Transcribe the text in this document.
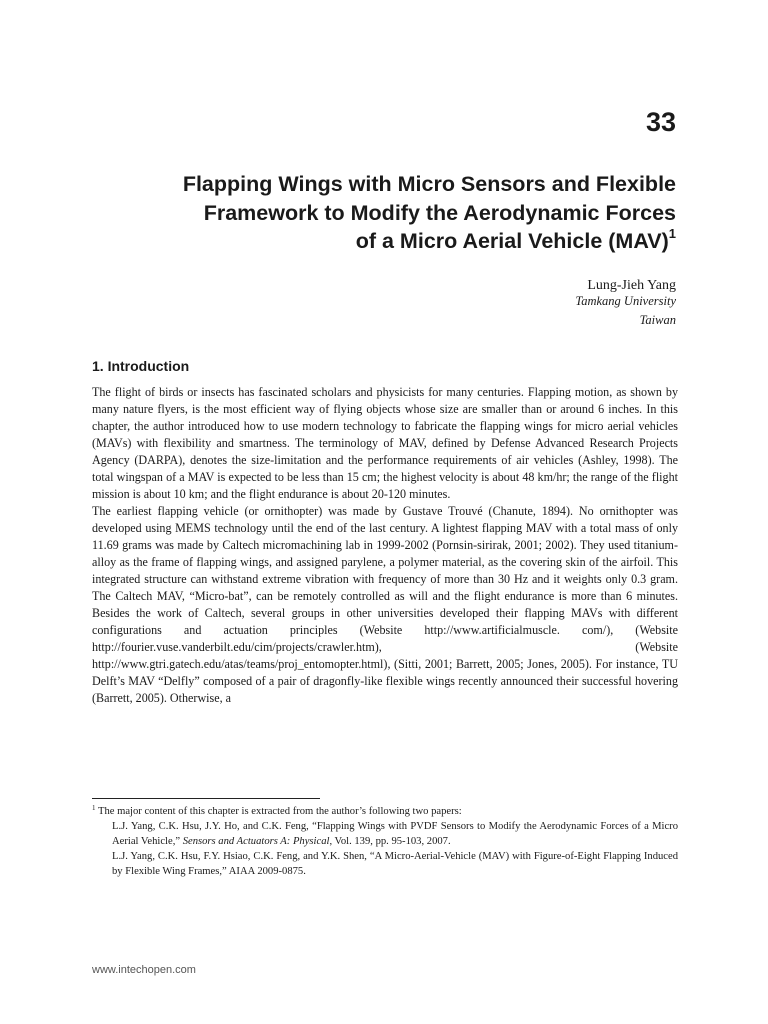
33
Flapping Wings with Micro Sensors and Flexible
Framework to Modify the Aerodynamic Forces
of a Micro Aerial Vehicle (MAV)$^1$
Lung-Jieh Yang
Tamkang University
Taiwan
1. Introduction

The flight of birds or insects has fascinated scholars and physicists for many centuries. Flapping motion, as shown by many nature flyers, is the most efficient way of flying objects whose size are smaller than or around 6 inches. In this chapter, the author introduced how to use modern technology to fabricate the flapping wings for micro aerial vehicles (MAVs) with flexibility and smartness. The terminology of MAV, defined by Defense Advanced Research Projects Agency (DARPA), denotes the size-limitation and the performance requirements of air vehicles (Ashley, 1998). The total wingspan of a MAV is expected to be less than 15 cm; the highest velocity is about 48 km/hr; the range of the flight mission is about 10 km; and the flight endurance is about 20-120 minutes.

The earliest flapping vehicle (or ornithopter) was made by Gustave Trouvé (Chanute, 1894). No ornithopter was developed using MEMS technology until the end of the last century. A lightest flapping MAV with a total mass of only 11.69 grams was made by Caltech micromachining lab in 1999-2002 (Pornsin-sirirak, 2001; 2002). They used titanium-alloy as the frame of flapping wings, and assigned parylene, a polymer material, as the covering skin of the airfoil. This integrated structure can withstand extreme vibration with frequency of more than 30 Hz and it weights only 0.3 gram. The Caltech MAV, “Micro-bat”, can be remotely controlled as will and the flight endurance is more than 6 minutes. Besides the work of Caltech, several groups in other universities developed their flapping MAVs with different configurations and actuation principles (Website http://www.artificialmuscle. com/), (Website http://fourier.vuse.vanderbilt.edu/cim/projects/crawler.htm), (Website http://www.gtri.gatech.edu/atas/teams/proj_entomopter.html), (Sitti, 2001; Barrett, 2005; Jones, 2005). For instance, TU Delft’s MAV “Delfly” composed of a pair of dragonfly-like flexible wings recently announced their successful hovering (Barrett, 2005). Otherwise, a

$^1$ The major content of this chapter is extracted from the author’s following two papers:
L.J. Yang, C.K. Hsu, J.Y. Ho, and C.K. Feng, “Flapping Wings with PVDF Sensors to Modify the Aerodynamic Forces of a Micro Aerial Vehicle,” Sensors and Actuators A: Physical, Vol. 139, pp. 95-103, 2007.
L.J. Yang, C.K. Hsu, F.Y. Hsiao, C.K. Feng, and Y.K. Shen, “A Micro-Aerial-Vehicle (MAV) with Figure-of-Eight Flapping Induced by Flexible Wing Frames,” AIAA 2009-0875.
www.intechopen.com
